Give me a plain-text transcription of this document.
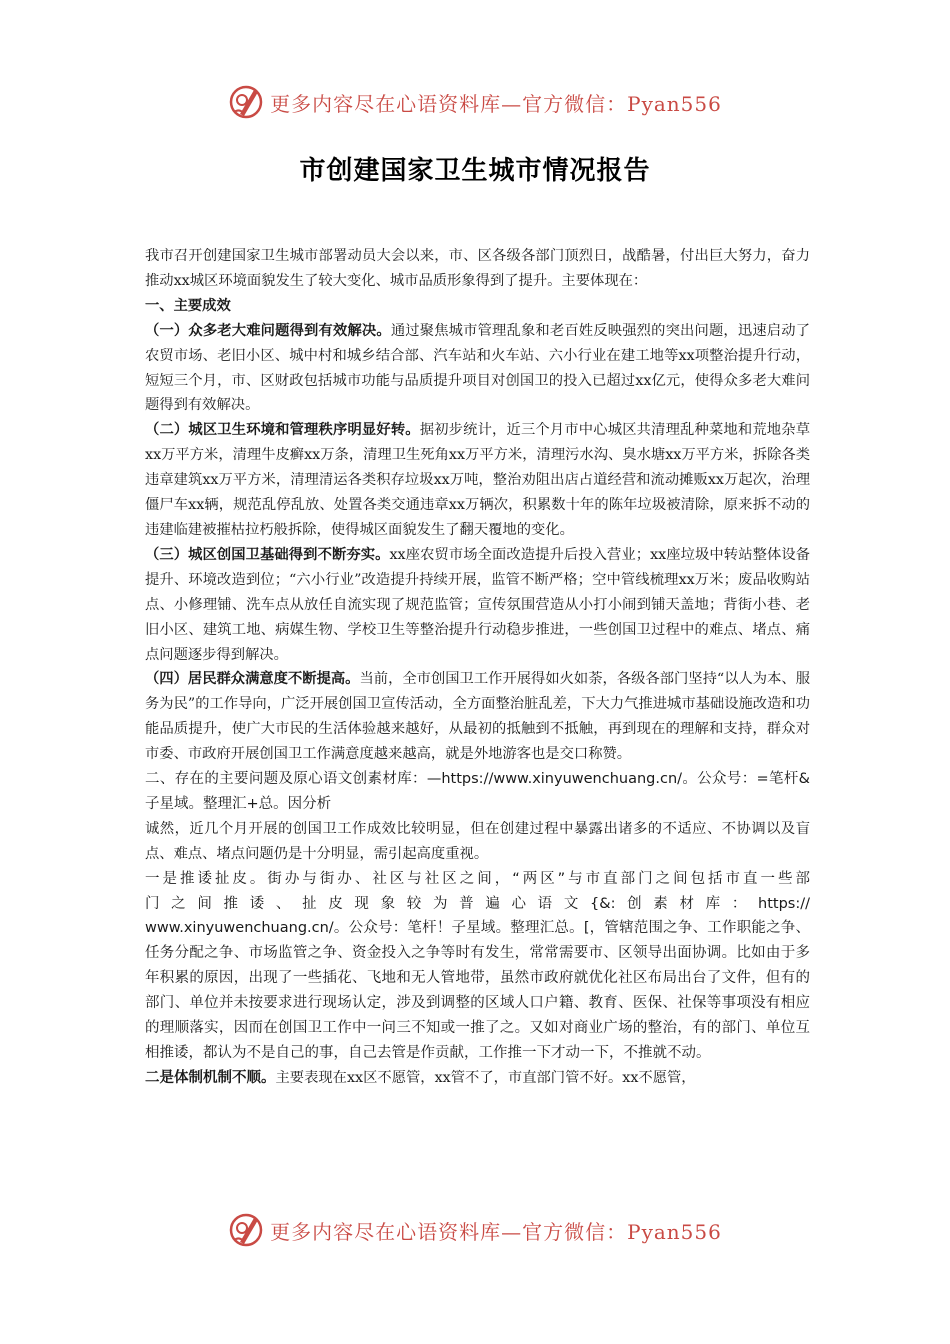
更多内容尽在心语资料库—官方微信：Pyan556
市创建国家卫生城市情况报告

我市召开创建国家卫生城市部署动员大会以来，市、区各级各部门顶烈日，战酷暑，付出巨大努力，奋力推动xx城区环境面貌发生了较大变化、城市品质形象得到了提升。主要体现在：

一、主要成效

（一）众多老大难问题得到有效解决。通过聚焦城市管理乱象和老百姓反映强烈的突出问题，迅速启动了农贸市场、老旧小区、城中村和城乡结合部、汽车站和火车站、六小行业在建工地等xx项整治提升行动，短短三个月，市、区财政包括城市功能与品质提升项目对创国卫的投入已超过xx亿元，使得众多老大难问题得到有效解决。

（二）城区卫生环境和管理秩序明显好转。据初步统计，近三个月市中心城区共清理乱种菜地和荒地杂草xx万平方米，清理牛皮癣xx万条，清理卫生死角xx万平方米，清理污水沟、臭水塘xx万平方米，拆除各类违章建筑xx万平方米，清理清运各类积存垃圾xx万吨，整治劝阻出店占道经营和流动摊贩xx万起次，治理僵尸车xx辆，规范乱停乱放、处置各类交通违章xx万辆次，积累数十年的陈年垃圾被清除，原来拆不动的违建临建被摧枯拉朽般拆除，使得城区面貌发生了翻天覆地的变化。

（三）城区创国卫基础得到不断夯实。xx座农贸市场全面改造提升后投入营业；xx座垃圾中转站整体设备提升、环境改造到位；“六小行业”改造提升持续开展，监管不断严格；空中管线梳理xx万米；废品收购站点、小修理铺、洗车点从放任自流实现了规范监管；宣传氛围营造从小打小闹到铺天盖地；背街小巷、老旧小区、建筑工地、病媒生物、学校卫生等整治提升行动稳步推进，一些创国卫过程中的难点、堵点、痛点问题逐步得到解决。

（四）居民群众满意度不断提高。当前，全市创国卫工作开展得如火如荼，各级各部门坚持“以人为本、服务为民”的工作导向，广泛开展创国卫宣传活动，全方面整治脏乱差，下大力气推进城市基础设施改造和功能品质提升，使广大市民的生活体验越来越好，从最初的抵触到不抵触，再到现在的理解和支持，群众对市委、市政府开展创国卫工作满意度越来越高，就是外地游客也是交口称赞。

二、存在的主要问题及原心语文创素材库：—https://www.xinyuwenchuang.cn/。公众号：=笔杆&子星域。整理汇+总。因分析

诚然，近几个月开展的创国卫工作成效比较明显，但在创建过程中暴露出诸多的不适应、不协调以及盲点、难点、堵点问题仍是十分明显，需引起高度重视。

一是推诿扯皮。街办与街办、社区与社区之间，“两区”与市直部门之间包括市直一些部

门之间推诿、扯皮现象较为普遍心语文{&:创素材库：https://

www.xinyuwenchuang.cn/。公众号：笔杆！子星域。整理汇总。[，管辖范围之争、工作职能之争、任务分配之争、市场监管之争、资金投入之争等时有发生，常常需要市、区领导出面协调。比如由于多年积累的原因，出现了一些插花、飞地和无人管地带，虽然市政府就优化社区布局出台了文件，但有的部门、单位并未按要求进行现场认定，涉及到调整的区域人口户籍、教育、医保、社保等事项没有相应的理顺落实，因而在创国卫工作中一问三不知或一推了之。又如对商业广场的整治，有的部门、单位互相推诿，都认为不是自己的事，自己去管是作贡献，工作推一下才动一下，不推就不动。

二是体制机制不顺。主要表现在xx区不愿管，xx管不了，市直部门管不好。xx不愿管，

更多内容尽在心语资料库—官方微信：Pyan556
